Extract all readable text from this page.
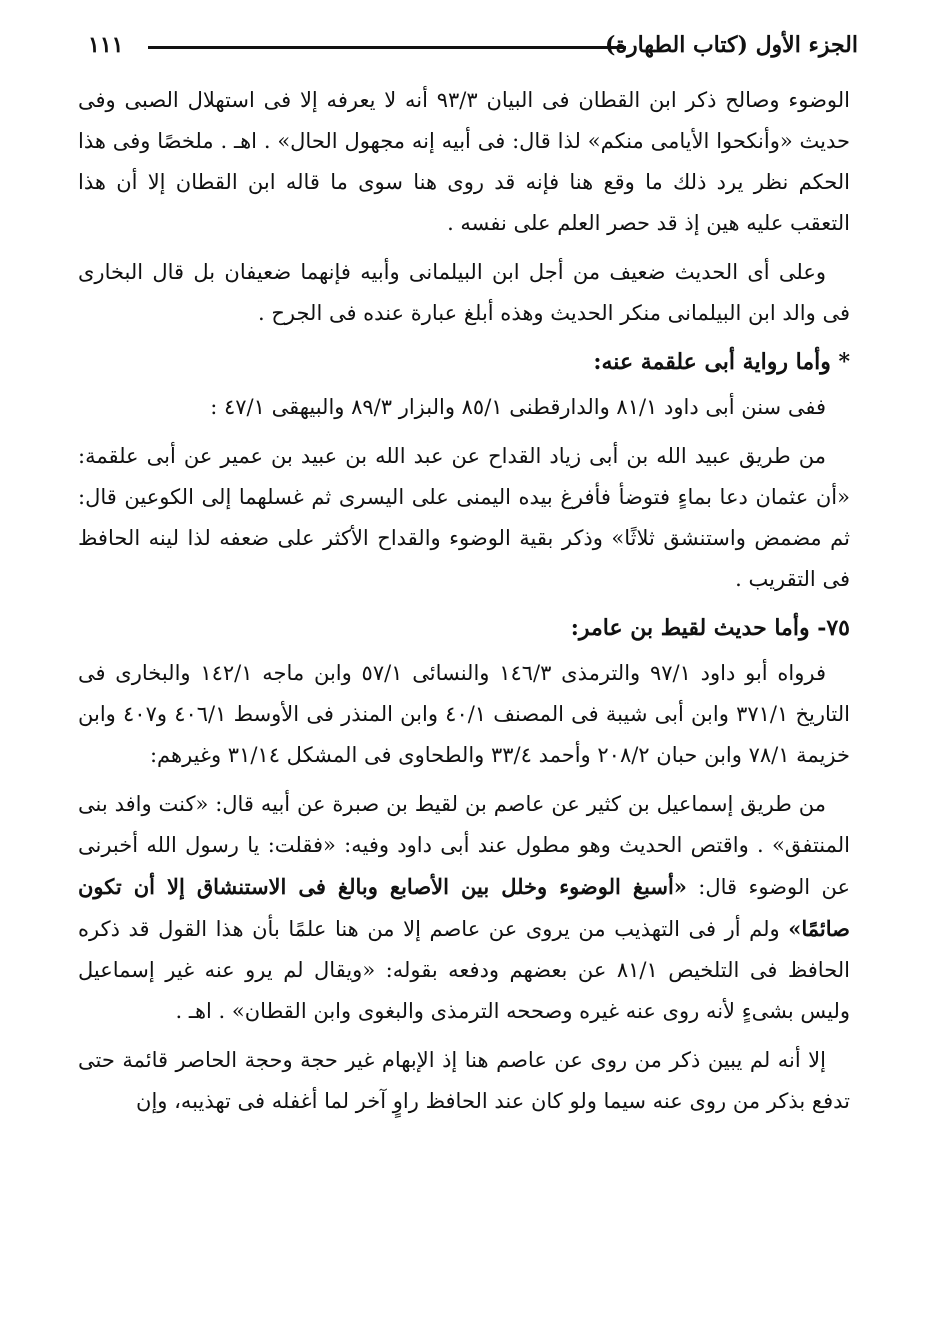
الجزء الأول (كتاب الطهارة)
١١١

الوضوء وصالح ذكر ابن القطان فى البيان ٩٣/٣ أنه لا يعرفه إلا فى استهلال الصبى وفى حديث «وأنكحوا الأيامى منكم» لذا قال: فى أبيه إنه مجهول الحال» . اهـ . ملخصًا وفى هذا الحكم نظر يرد ذلك ما وقع هنا فإنه قد روى هنا سوى ما قاله ابن القطان إلا أن هذا التعقب عليه هين إذ قد حصر العلم على نفسه .

وعلى أى الحديث ضعيف من أجل ابن البيلمانى وأبيه فإنهما ضعيفان بل قال البخارى فى والد ابن البيلمانى منكر الحديث وهذه أبلغ عبارة عنده فى الجرح .

* وأما رواية أبى علقمة عنه:

ففى سنن أبى داود ٨١/١ والدارقطنى ٨٥/١ والبزار ٨٩/٣ والبيهقى ٤٧/١ :

من طريق عبيد الله بن أبى زياد القداح عن عبد الله بن عبيد بن عمير عن أبى علقمة: «أن عثمان دعا بماءٍ فتوضأ فأفرغ بيده اليمنى على اليسرى ثم غسلهما إلى الكوعين قال: ثم مضمض واستنشق ثلاثًا» وذكر بقية الوضوء والقداح الأكثر على ضعفه لذا لينه الحافظ فى التقريب .

٧٥- وأما حديث لقيط بن عامر:

فرواه أبو داود ٩٧/١ والترمذى ١٤٦/٣ والنسائى ٥٧/١ وابن ماجه ١٤٢/١ والبخارى فى التاريخ ٣٧١/١ وابن أبى شيبة فى المصنف ٤٠/١ وابن المنذر فى الأوسط ٤٠٦/١ و٤٠٧ وابن خزيمة ٧٨/١ وابن حبان ٢٠٨/٢ وأحمد ٣٣/٤ والطحاوى فى المشكل ٣١/١٤ وغيرهم:

من طريق إسماعيل بن كثير عن عاصم بن لقيط بن صبرة عن أبيه قال: «كنت وافد بنى المنتفق» . واقتص الحديث وهو مطول عند أبى داود وفيه: «فقلت: يا رسول الله أخبرنى عن الوضوء قال: «أسبغ الوضوء وخلل بين الأصابع وبالغ فى الاستنشاق إلا أن تكون صائمًا» ولم أر فى التهذيب من يروى عن عاصم إلا من هنا علمًا بأن هذا القول قد ذكره الحافظ فى التلخيص ٨١/١ عن بعضهم ودفعه بقوله: «ويقال لم يرو عنه غير إسماعيل وليس بشىءٍ لأنه روى عنه غيره وصححه الترمذى والبغوى وابن القطان» . اهـ .

إلا أنه لم يبين ذكر من روى عن عاصم هنا إذ الإبهام غير حجة وحجة الحاصر قائمة حتى تدفع بذكر من روى عنه سيما ولو كان عند الحافظ راوٍ آخر لما أغفله فى تهذيبه، وإن
